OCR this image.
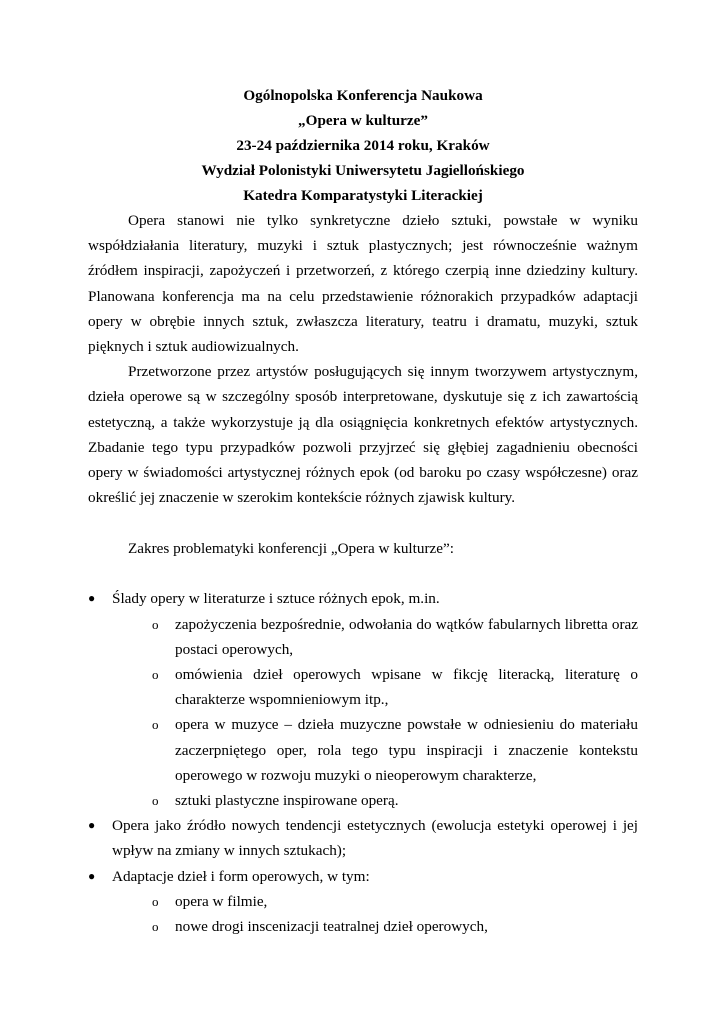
Ogólnopolska Konferencja Naukowa
„Opera w kulturze”
23-24 października 2014 roku, Kraków
Wydział Polonistyki Uniwersytetu Jagiellońskiego
Katedra Komparatystyki Literackiej

Opera stanowi nie tylko synkretyczne dzieło sztuki, powstałe w wyniku współdziałania literatury, muzyki i sztuk plastycznych; jest równocześnie ważnym źródłem inspiracji, zapożyczeń i przetworzeń, z którego czerpią inne dziedziny kultury. Planowana konferencja ma na celu przedstawienie różnorakich przypadków adaptacji opery w obrębie innych sztuk, zwłaszcza literatury, teatru i dramatu, muzyki, sztuk pięknych i sztuk audiowizualnych.

Przetworzone przez artystów posługujących się innym tworzywem artystycznym, dzieła operowe są w szczególny sposób interpretowane, dyskutuje się z ich zawartością estetyczną, a także wykorzystuje ją dla osiągnięcia konkretnych efektów artystycznych. Zbadanie tego typu przypadków pozwoli przyjrzeć się głębiej zagadnieniu obecności opery w świadomości artystycznej różnych epok (od baroku po czasy współczesne) oraz określić jej znaczenie w szerokim kontekście różnych zjawisk kultury.

Zakres problematyki konferencji „Opera w kulturze”:

● Ślady opery w literaturze i sztuce różnych epok, m.in.
o zapożyczenia bezpośrednie, odwołania do wątków fabularnych libretta oraz postaci operowych,
o omówienia dzieł operowych wpisane w fikcję literacką, literaturę o charakterze wspomnieniowym itp.,
o opera w muzyce – dzieła muzyczne powstałe w odniesieniu do materiału zaczerpniętego oper, rola tego typu inspiracji i znaczenie kontekstu operowego w rozwoju muzyki o nieoperowym charakterze,
o sztuki plastyczne inspirowane operą.
● Opera jako źródło nowych tendencji estetycznych (ewolucja estetyki operowej i jej wpływ na zmiany w innych sztukach);
● Adaptacje dzieł i form operowych, w tym:
o opera w filmie,
o nowe drogi inscenizacji teatralnej dzieł operowych,
